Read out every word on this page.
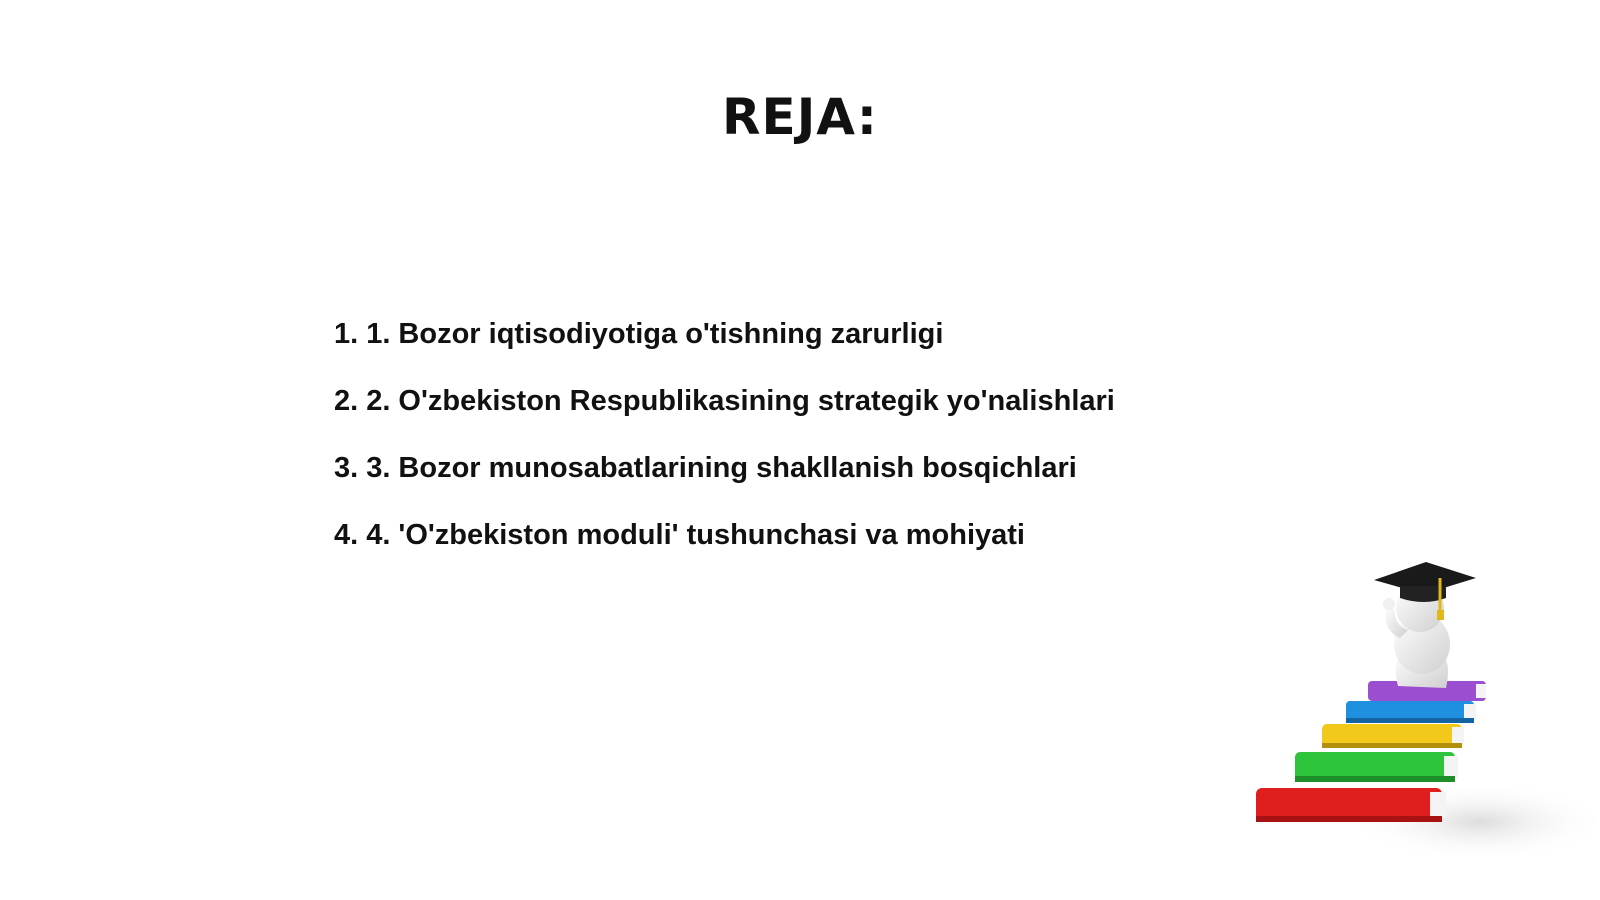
REJA:
1. 1. Bozor iqtisodiyotiga o'tishning zarurligi
2. 2. O'zbekiston Respublikasining strategik yo'nalishlari
3. 3. Bozor munosabatlarining shakllanish bosqichlari
4. 4. 'O'zbekiston moduli' tushunchasi va mohiyati
